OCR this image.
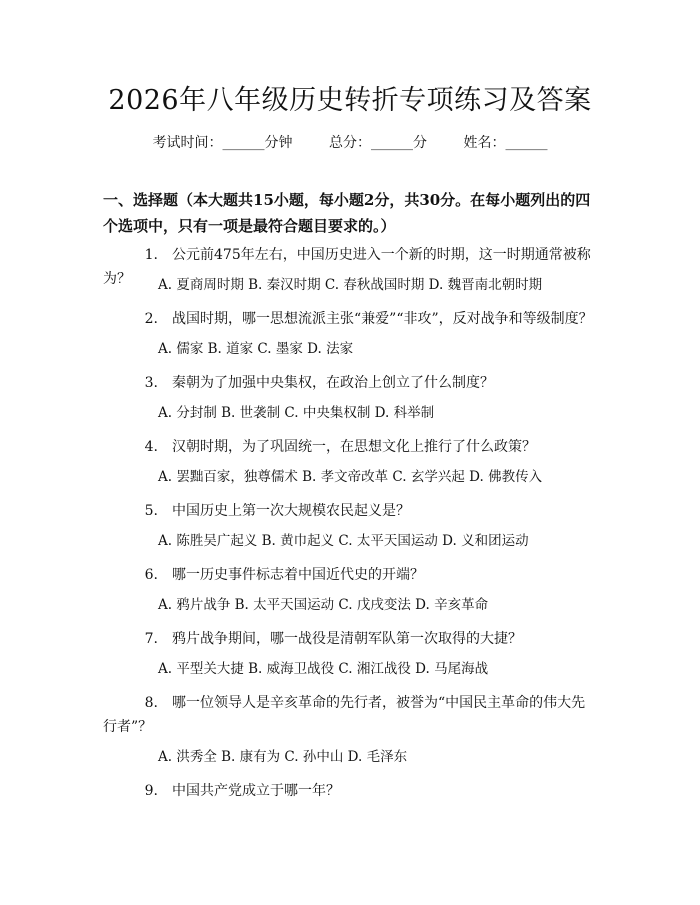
2026年八年级历史转折专项练习及答案
考试时间：______分钟	总分：______分	姓名：______
一、选择题（本大题共15小题，每小题2分，共30分。在每小题列出的四个选项中，只有一项是最符合题目要求的。）
1. 公元前475年左右，中国历史进入一个新的时期，这一时期通常被称为？	A. 夏商周时期 B. 秦汉时期 C. 春秋战国时期 D. 魏晋南北朝时期
2. 战国时期，哪一思想流派主张“兼爱”“非攻”，反对战争和等级制度？
A. 儒家 B. 道家 C. 墨家 D. 法家
3. 秦朝为了加强中央集权，在政治上创立了什么制度？
A. 分封制 B. 世袭制 C. 中央集权制 D. 科举制
4. 汉朝时期，为了巩固统一，在思想文化上推行了什么政策？
A. 罢黜百家，独尊儒术 B. 孝文帝改革 C. 玄学兴起 D. 佛教传入
5. 中国历史上第一次大规模农民起义是？
A. 陈胜吴广起义 B. 黄巾起义 C. 太平天国运动 D. 义和团运动
6. 哪一历史事件标志着中国近代史的开端？
A. 鸦片战争 B. 太平天国运动 C. 戊戌变法 D. 辛亥革命
7. 鸦片战争期间，哪一战役是清朝军队第一次取得的大捷？
A. 平型关大捷 B. 威海卫战役 C. 湘江战役 D. 马尾海战
8. 哪一位领导人是辛亥革命的先行者，被誉为“中国民主革命的伟大先行者”？
A. 洪秀全 B. 康有为 C. 孙中山 D. 毛泽东
9. 中国共产党成立于哪一年？
